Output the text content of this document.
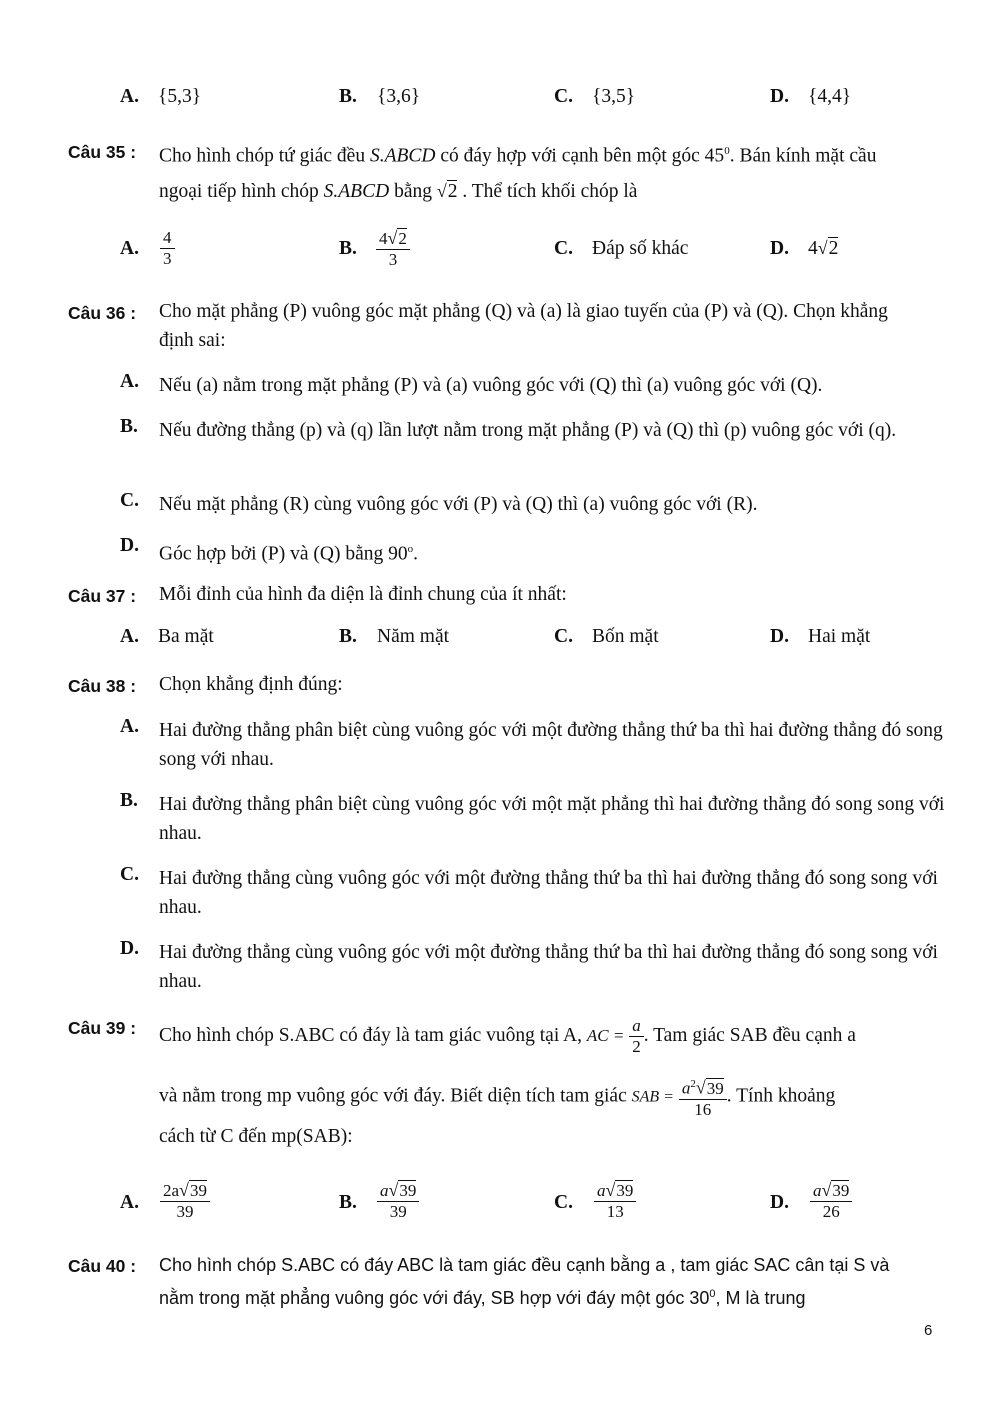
A. {5,3}	B. {3,6}	C. {3,5}	D. {4,4}
Câu 35 : Cho hình chóp tứ giác đều S.ABCD có đáy hợp với cạnh bên một góc $45^0$. Bán kính mặt cầu
ngoại tiếp hình chóp S.ABCD bằng √2 . Thể tích khối chóp là
A.	$\frac{4}{3}$	B.	$\frac{4√2}{3}$	C. Đáp số khác	D. 4√2
Câu 36 : Cho mặt phẳng (P) vuông góc mặt phẳng (Q) và (a) là giao tuyến của (P) và (Q). Chọn khẳng định sai:
A.	Nếu (a) nằm trong mặt phẳng (P) và (a) vuông góc với (Q) thì (a) vuông góc với (Q).
B.	Nếu đường thẳng (p) và (q) lần lượt nằm trong mặt phẳng (P) và (Q) thì (p) vuông góc với (q).
C.	Nếu mặt phẳng (R) cùng vuông góc với (P) và (Q) thì (a) vuông góc với (R).
D.	Góc hợp bởi (P) và (Q) bằng 90$^o$.
Câu 37 : Mỗi đỉnh của hình đa diện là đỉnh chung của ít nhất:
A. Ba mặt	B. Năm mặt	C. Bốn mặt	D. Hai mặt
Câu 38 : Chọn khẳng định đúng:
A.	Hai đường thẳng phân biệt cùng vuông góc với một đường thẳng thứ ba thì hai đường thẳng đó song song với nhau.
B.	Hai đường thẳng phân biệt cùng vuông góc với một mặt phẳng thì hai đường thẳng đó song song với nhau.
C.	Hai đường thẳng cùng vuông góc với một đường thẳng thứ ba thì hai đường thẳng đó song song với nhau.
D.	Hai đường thẳng cùng vuông góc với một đường thẳng thứ ba thì hai đường thẳng đó song song với nhau.
Câu 39 : Cho hình chóp S.ABC có đáy là tam giác vuông tại A, AC = $\frac{a}{2}$ . Tam giác SAB đều cạnh a
và nằm trong mp vuông góc với đáy. Biết diện tích tam giác SAB = $\frac{a^2√39}{16}$ . Tính khoảng
cách từ C đến mp(SAB):
A.	$\frac{2a√39}{39}$	B.	$\frac{a√39}{39}$	C.	$\frac{a√39}{13}$	D.	$\frac{a√39}{26}$
Câu 40 : Cho hình chóp S.ABC có đáy ABC là tam giác đều cạnh bằng a , tam giác SAC cân tại S và
nằm trong mặt phẳng vuông góc với đáy, SB hợp với đáy một góc $30^0$, M là trung
6
